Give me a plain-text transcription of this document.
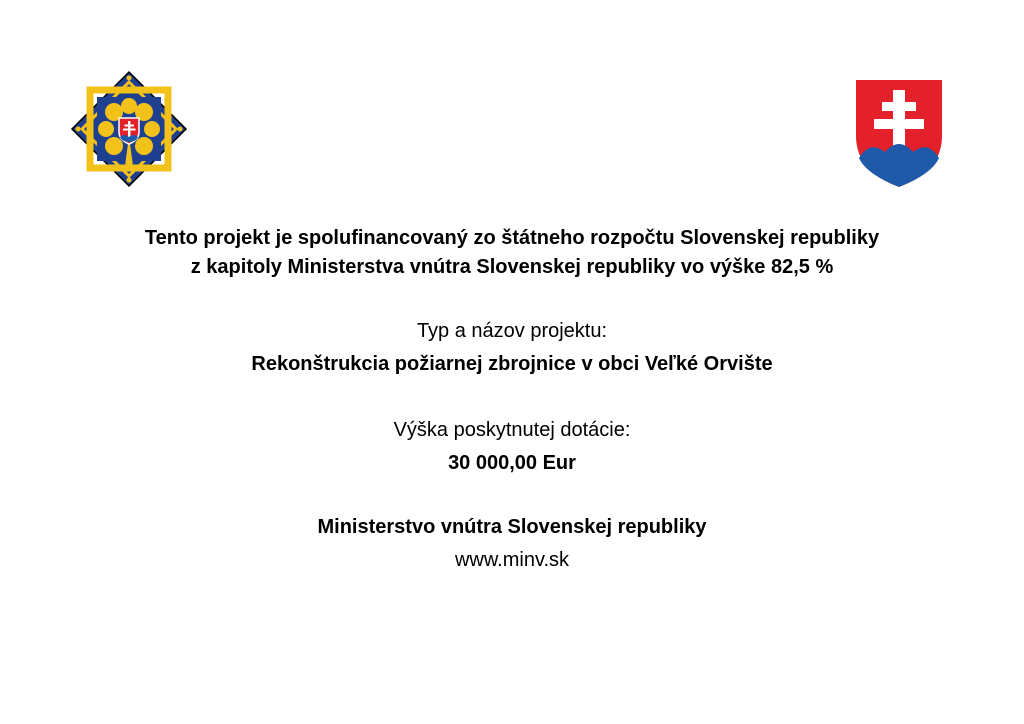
Tento projekt je spolufinancovaný zo štátneho rozpočtu Slovenskej republiky
z kapitoly Ministerstva vnútra Slovenskej republiky vo výške 82,5 %
Typ a názov projektu:
Rekonštrukcia požiarnej zbrojnice v obci Veľké Orvište
Výška poskytnutej dotácie:
30 000,00 Eur
Ministerstvo vnútra Slovenskej republiky
www.minv.sk
